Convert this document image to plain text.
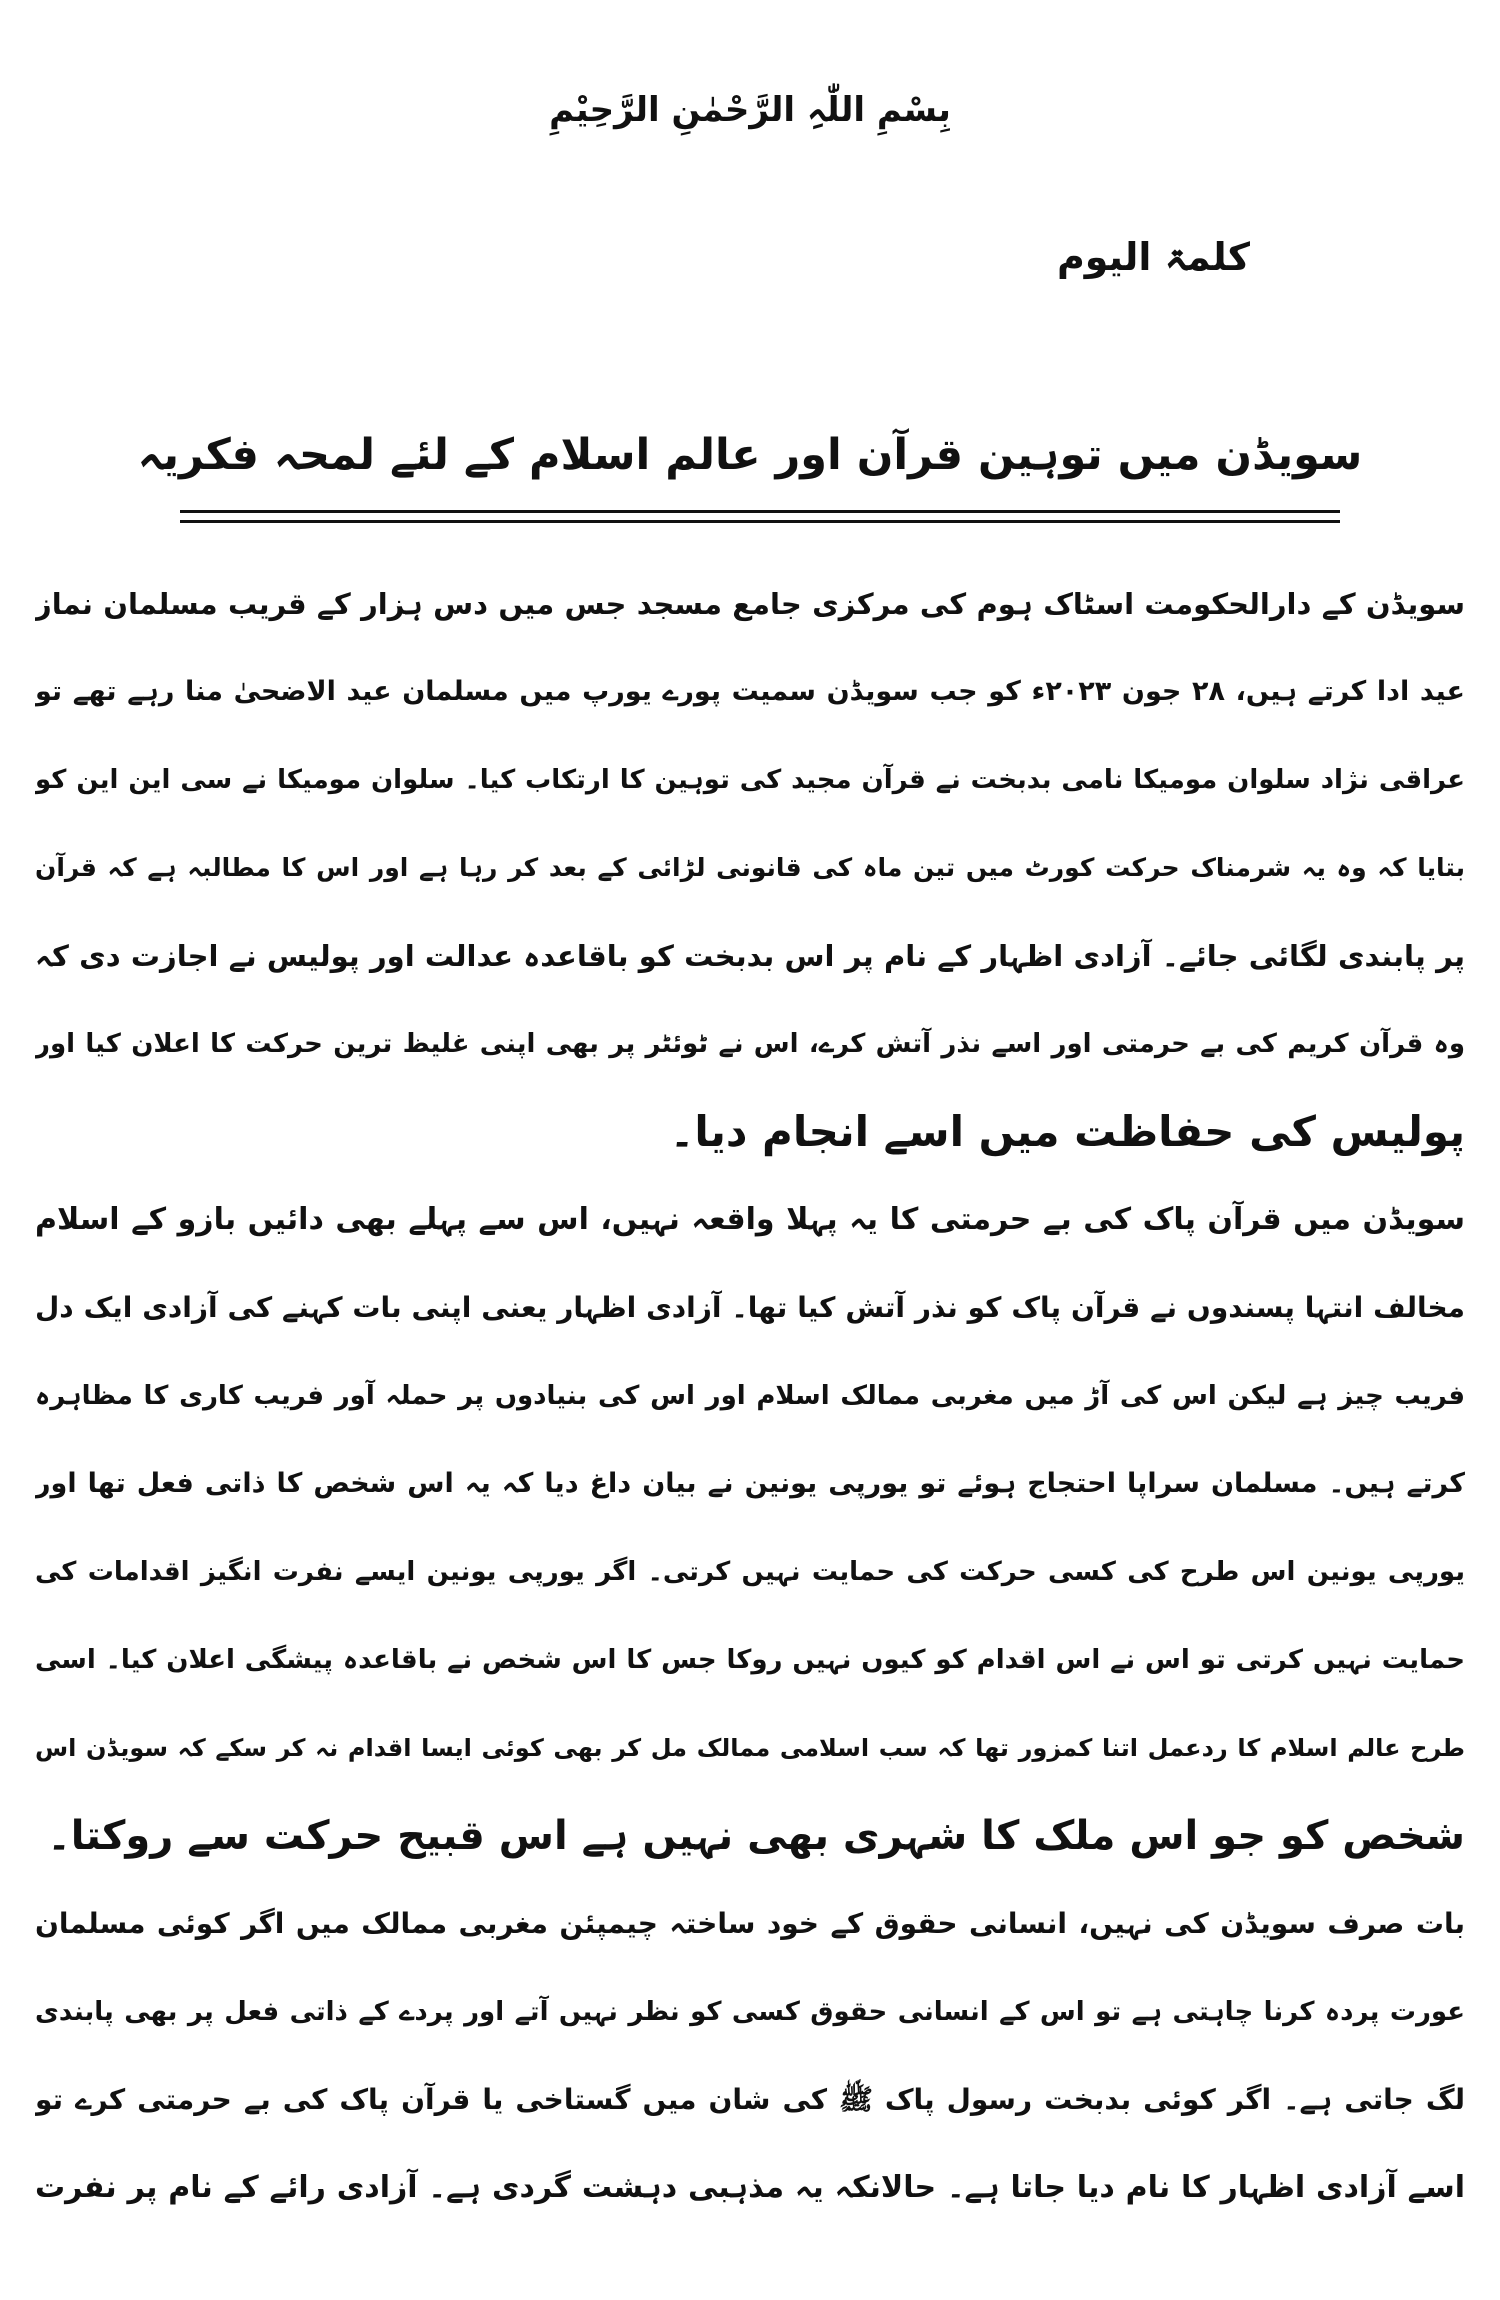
بِسْمِ اللّٰہِ الرَّحْمٰنِ الرَّحِیْمِ
کلمۃ الیوم
سویڈن میں توہین قرآن اور عالم اسلام کے لئے لمحہ فکریہ
سویڈن کے دارالحکومت اسٹاک ہوم کی مرکزی جامع مسجد جس میں دس ہزار کے قریب مسلمان نماز
عید ادا کرتے ہیں، ۲۸ جون ۲۰۲۳ء کو جب سویڈن سمیت پورے یورپ میں مسلمان عید الاضحیٰ منا رہے تھے تو
عراقی نژاد سلوان مومیکا نامی بدبخت نے قرآن مجید کی توہین کا ارتکاب کیا۔ سلوان مومیکا نے سی این این کو
بتایا کہ وہ یہ شرمناک حرکت کورٹ میں تین ماہ کی قانونی لڑائی کے بعد کر رہا ہے اور اس کا مطالبہ ہے کہ قرآن
پر پابندی لگائی جائے۔ آزادی اظہار کے نام پر اس بدبخت کو باقاعدہ عدالت اور پولیس نے اجازت دی کہ
وہ قرآن کریم کی بے حرمتی اور اسے نذر آتش کرے، اس نے ٹوئٹر پر بھی اپنی غلیظ ترین حرکت کا اعلان کیا اور
پولیس کی حفاظت میں اسے انجام دیا۔
سویڈن میں قرآن پاک کی بے حرمتی کا یہ پہلا واقعہ نہیں، اس سے پہلے بھی دائیں بازو کے اسلام
مخالف انتہا پسندوں نے قرآن پاک کو نذر آتش کیا تھا۔ آزادی اظہار یعنی اپنی بات کہنے کی آزادی ایک دل
فریب چیز ہے لیکن اس کی آڑ میں مغربی ممالک اسلام اور اس کی بنیادوں پر حملہ آور فریب کاری کا مظاہرہ
کرتے ہیں۔ مسلمان سراپا احتجاج ہوئے تو یورپی یونین نے بیان داغ دیا کہ یہ اس شخص کا ذاتی فعل تھا اور
یورپی یونین اس طرح کی کسی حرکت کی حمایت نہیں کرتی۔ اگر یورپی یونین ایسے نفرت انگیز اقدامات کی
حمایت نہیں کرتی تو اس نے اس اقدام کو کیوں نہیں روکا جس کا اس شخص نے باقاعدہ پیشگی اعلان کیا۔ اسی
طرح عالم اسلام کا ردعمل اتنا کمزور تھا کہ سب اسلامی ممالک مل کر بھی کوئی ایسا اقدام نہ کر سکے کہ سویڈن اس
شخص کو جو اس ملک کا شہری بھی نہیں ہے اس قبیح حرکت سے روکتا۔
بات صرف سویڈن کی نہیں، انسانی حقوق کے خود ساختہ چیمپئن مغربی ممالک میں اگر کوئی مسلمان
عورت پردہ کرنا چاہتی ہے تو اس کے انسانی حقوق کسی کو نظر نہیں آتے اور پردے کے ذاتی فعل پر بھی پابندی
لگ جاتی ہے۔ اگر کوئی بدبخت رسول پاک ﷺ کی شان میں گستاخی یا قرآن پاک کی بے حرمتی کرے تو
اسے آزادی اظہار کا نام دیا جاتا ہے۔ حالانکہ یہ مذہبی دہشت گردی ہے۔ آزادی رائے کے نام پر نفرت
